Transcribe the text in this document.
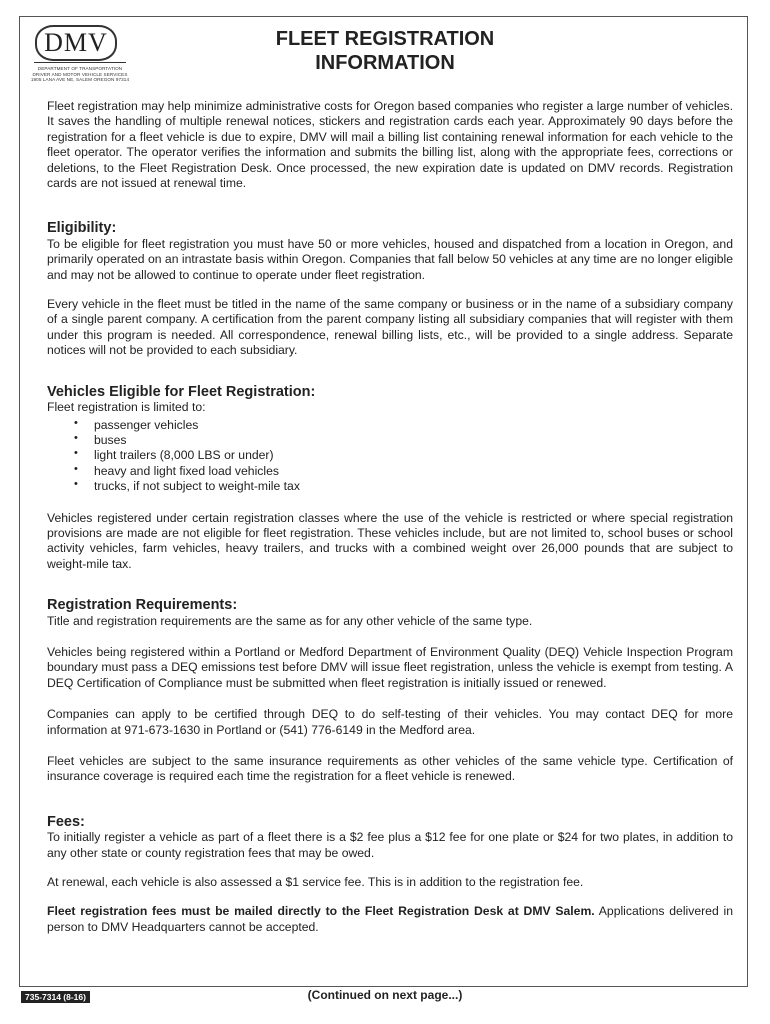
DMV
DEPARTMENT OF TRANSPORTATION
DRIVER AND MOTOR VEHICLE SERVICES
1905 LANA AVE NE, SALEM OREGON 97314
FLEET REGISTRATION
INFORMATION

Fleet registration may help minimize administrative costs for Oregon based companies who register a large number of vehicles. It saves the handling of multiple renewal notices, stickers and registration cards each year. Approximately 90 days before the registration for a fleet vehicle is due to expire, DMV will mail a billing list containing renewal information for each vehicle to the fleet operator. The operator verifies the information and submits the billing list, along with the appropriate fees, corrections or deletions, to the Fleet Registration Desk. Once processed, the new expiration date is updated on DMV records. Registration cards are not issued at renewal time.

Eligibility:

To be eligible for fleet registration you must have 50 or more vehicles, housed and dispatched from a location in Oregon, and primarily operated on an intrastate basis within Oregon. Companies that fall below 50 vehicles at any time are no longer eligible and may not be allowed to continue to operate under fleet registration.

Every vehicle in the fleet must be titled in the name of the same company or business or in the name of a subsidiary company of a single parent company. A certification from the parent company listing all subsidiary companies that will register with them under this program is needed. All correspondence, renewal billing lists, etc., will be provided to a single address. Separate notices will not be provided to each subsidiary.

Vehicles Eligible for Fleet Registration:

Fleet registration is limited to:

• passenger vehicles
• buses
• light trailers (8,000 LBS or under)
• heavy and light fixed load vehicles
• trucks, if not subject to weight-mile tax

Vehicles registered under certain registration classes where the use of the vehicle is restricted or where special registration provisions are made are not eligible for fleet registration. These vehicles include, but are not limited to, school buses or school activity vehicles, farm vehicles, heavy trailers, and trucks with a combined weight over 26,000 pounds that are subject to weight-mile tax.

Registration Requirements:

Title and registration requirements are the same as for any other vehicle of the same type.

Vehicles being registered within a Portland or Medford Department of Environment Quality (DEQ) Vehicle Inspection Program boundary must pass a DEQ emissions test before DMV will issue fleet registration, unless the vehicle is exempt from testing. A DEQ Certification of Compliance must be submitted when fleet registration is initially issued or renewed.

Companies can apply to be certified through DEQ to do self-testing of their vehicles. You may contact DEQ for more information at 971-673-1630 in Portland or (541) 776-6149 in the Medford area.

Fleet vehicles are subject to the same insurance requirements as other vehicles of the same vehicle type. Certification of insurance coverage is required each time the registration for a fleet vehicle is renewed.

Fees:

To initially register a vehicle as part of a fleet there is a $2 fee plus a $12 fee for one plate or $24 for two plates, in addition to any other state or county registration fees that may be owed.

At renewal, each vehicle is also assessed a $1 service fee. This is in addition to the registration fee.

Fleet registration fees must be mailed directly to the Fleet Registration Desk at DMV Salem. Applications delivered in person to DMV Headquarters cannot be accepted.

735-7314 (8-16)	(Continued on next page...)
